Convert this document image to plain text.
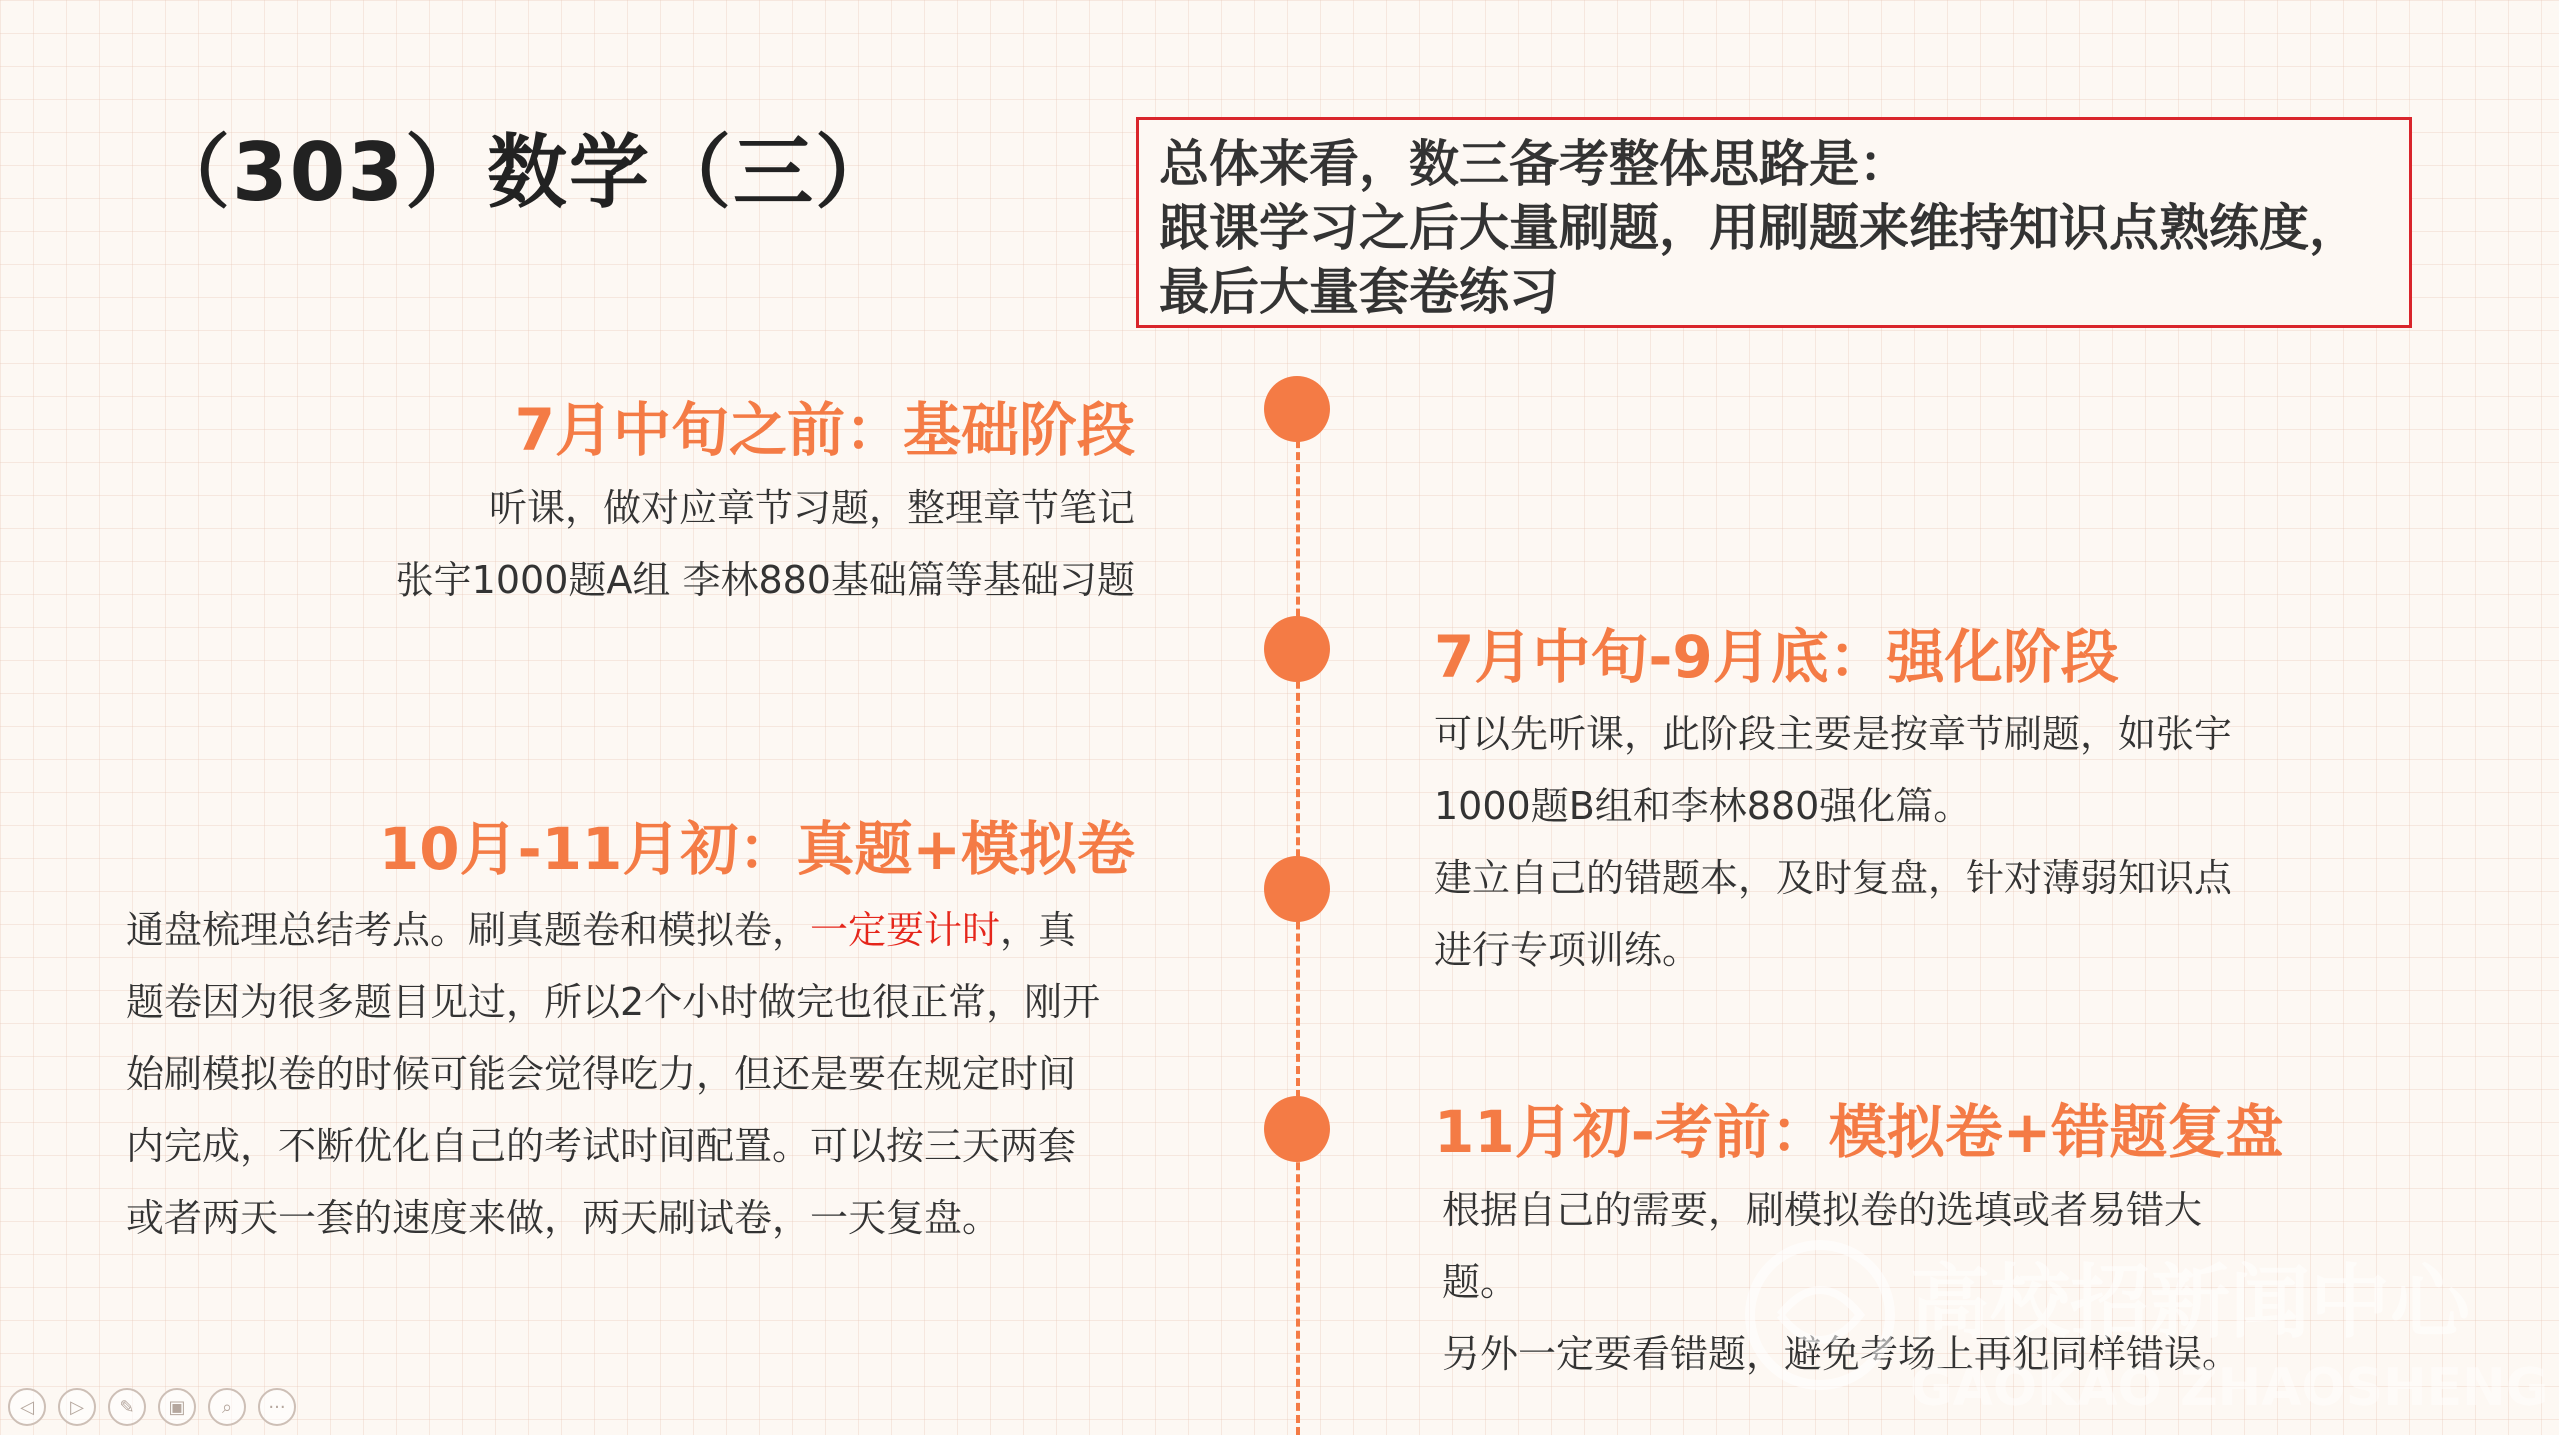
（303）数学（三）	总体来看，数三备考整体思路是：
跟课学习之后大量刷题，用刷题来维持知识点熟练度，
最后大量套卷练习
7月中旬之前：基础阶段
听课，做对应章节习题，整理章节笔记
张宇1000题A组 李林880基础篇等基础习题
7月中旬-9月底：强化阶段
可以先听课，此阶段主要是按章节刷题，如张宇
1000题B组和李林880强化篇。
建立自己的错题本，及时复盘，针对薄弱知识点
进行专项训练。
10月-11月初：真题+模拟卷
通盘梳理总结考点。刷真题卷和模拟卷，一定要计时，真
题卷因为很多题目见过，所以2个小时做完也很正常，刚开
始刷模拟卷的时候可能会觉得吃力，但还是要在规定时间
内完成，不断优化自己的考试时间配置。可以按三天两套
或者两天一套的速度来做，两天刷试卷，一天复盘。
11月初-考前：模拟卷+错题复盘
根据自己的需要，刷模拟卷的选填或者易错大
题。
另外一定要看错题，避免考场上再犯同样错误。
高校招新闻中心
GAOKAO ZHAOSHENG
◁	▷	✎	▣	⌕	···
